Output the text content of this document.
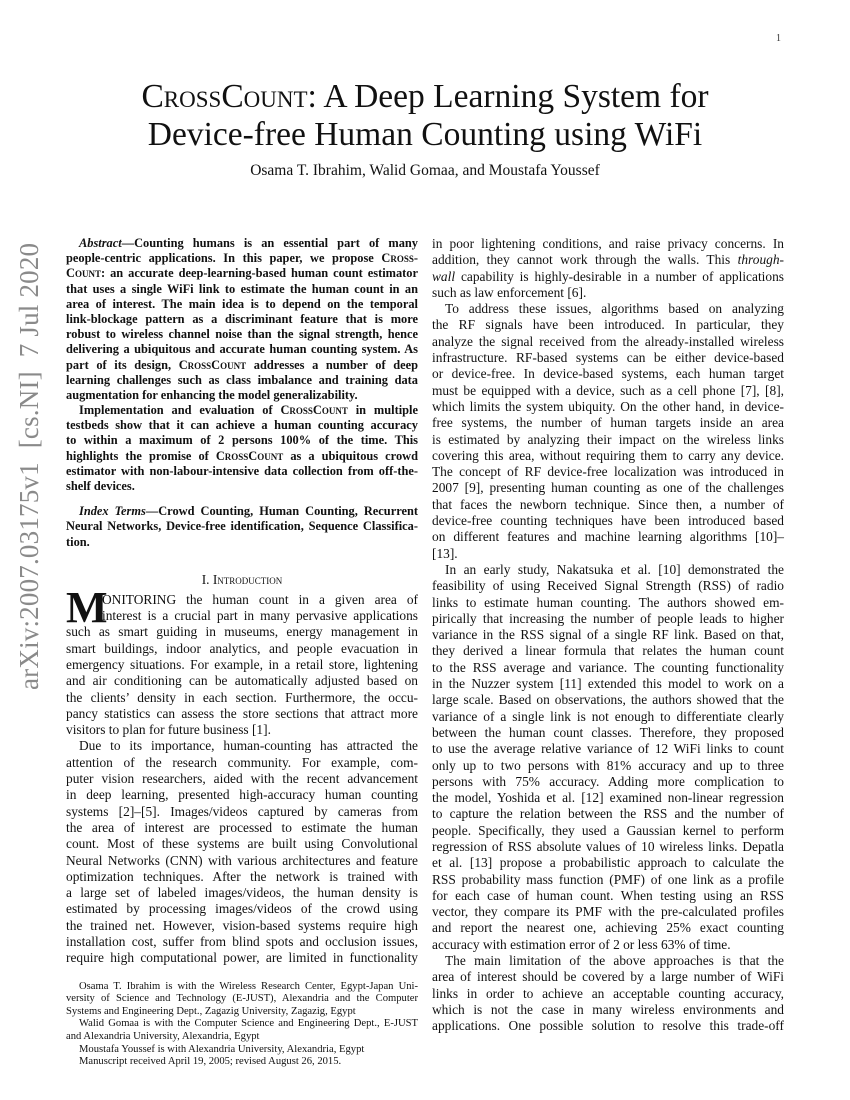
1
arXiv:2007.03175v1  [cs.NI]  7 Jul 2020
CrossCount: A Deep Learning System for
Device-free Human Counting using WiFi
Osama T. Ibrahim, Walid Gomaa, and Moustafa Youssef
Abstract—Counting humans is an essential part of many
people-centric applications. In this paper, we propose Cross-
Count: an accurate deep-learning-based human count estimator
that uses a single WiFi link to estimate the human count in an
area of interest. The main idea is to depend on the temporal
link-blockage pattern as a discriminant feature that is more
robust to wireless channel noise than the signal strength, hence
delivering a ubiquitous and accurate human counting system. As
part of its design, CrossCount addresses a number of deep
learning challenges such as class imbalance and training data
augmentation for enhancing the model generalizability.
Implementation and evaluation of CrossCount in multiple
testbeds show that it can achieve a human counting accuracy
to within a maximum of 2 persons 100% of the time. This
highlights the promise of CrossCount as a ubiquitous crowd
estimator with non-labour-intensive data collection from off-the-
shelf devices.
Index Terms—Crowd Counting, Human Counting, Recurrent
Neural Networks, Device-free identification, Sequence Classifica-
tion.
I. Introduction
M
ONITORING the human count in a given area of
interest is a crucial part in many pervasive applications
such as smart guiding in museums, energy management in
smart buildings, indoor analytics, and people evacuation in
emergency situations. For example, in a retail store, lightening
and air conditioning can be automatically adjusted based on
the clients’ density in each section. Furthermore, the occu-
pancy statistics can assess the store sections that attract more
visitors to plan for future business [1].
Due to its importance, human-counting has attracted the
attention of the research community. For example, com-
puter vision researchers, aided with the recent advancement
in deep learning, presented high-accuracy human counting
systems [2]–[5]. Images/videos captured by cameras from
the area of interest are processed to estimate the human
count. Most of these systems are built using Convolutional
Neural Networks (CNN) with various architectures and feature
optimization techniques. After the network is trained with
a large set of labeled images/videos, the human density is
estimated by processing images/videos of the crowd using
the trained net. However, vision-based systems require high
installation cost, suffer from blind spots and occlusion issues,
require high computational power, are limited in functionality
Osama T. Ibrahim is with the Wireless Research Center, Egypt-Japan Uni-
versity of Science and Technology (E-JUST), Alexandria and the Computer
Systems and Engineering Dept., Zagazig University, Zagazig, Egypt
Walid Gomaa is with the Computer Science and Engineering Dept., E-JUST
and Alexandria University, Alexandria, Egypt
Moustafa Youssef is with Alexandria University, Alexandria, Egypt
Manuscript received April 19, 2005; revised August 26, 2015.
in poor lightening conditions, and raise privacy concerns. In
addition, they cannot work through the walls. This through-
wall capability is highly-desirable in a number of applications
such as law enforcement [6].
To address these issues, algorithms based on analyzing
the RF signals have been introduced. In particular, they
analyze the signal received from the already-installed wireless
infrastructure. RF-based systems can be either device-based
or device-free. In device-based systems, each human target
must be equipped with a device, such as a cell phone [7], [8],
which limits the system ubiquity. On the other hand, in device-
free systems, the number of human targets inside an area
is estimated by analyzing their impact on the wireless links
covering this area, without requiring them to carry any device.
The concept of RF device-free localization was introduced in
2007 [9], presenting human counting as one of the challenges
that faces the newborn technique. Since then, a number of
device-free counting techniques have been introduced based
on different features and machine learning algorithms [10]–
[13].
In an early study, Nakatsuka et al. [10] demonstrated the
feasibility of using Received Signal Strength (RSS) of radio
links to estimate human counting. The authors showed em-
pirically that increasing the number of people leads to higher
variance in the RSS signal of a single RF link. Based on that,
they derived a linear formula that relates the human count
to the RSS average and variance. The counting functionality
in the Nuzzer system [11] extended this model to work on a
large scale. Based on observations, the authors showed that the
variance of a single link is not enough to differentiate clearly
between the human count classes. Therefore, they proposed
to use the average relative variance of 12 WiFi links to count
only up to two persons with 81% accuracy and up to three
persons with 75% accuracy. Adding more complication to
the model, Yoshida et al. [12] examined non-linear regression
to capture the relation between the RSS and the number of
people. Specifically, they used a Gaussian kernel to perform
regression of RSS absolute values of 10 wireless links. Depatla
et al. [13] propose a probabilistic approach to calculate the
RSS probability mass function (PMF) of one link as a profile
for each case of human count. When testing using an RSS
vector, they compare its PMF with the pre-calculated profiles
and report the nearest one, achieving 25% exact counting
accuracy with estimation error of 2 or less 63% of time.
The main limitation of the above approaches is that the
area of interest should be covered by a large number of WiFi
links in order to achieve an acceptable counting accuracy,
which is not the case in many wireless environments and
applications. One possible solution to resolve this trade-off
